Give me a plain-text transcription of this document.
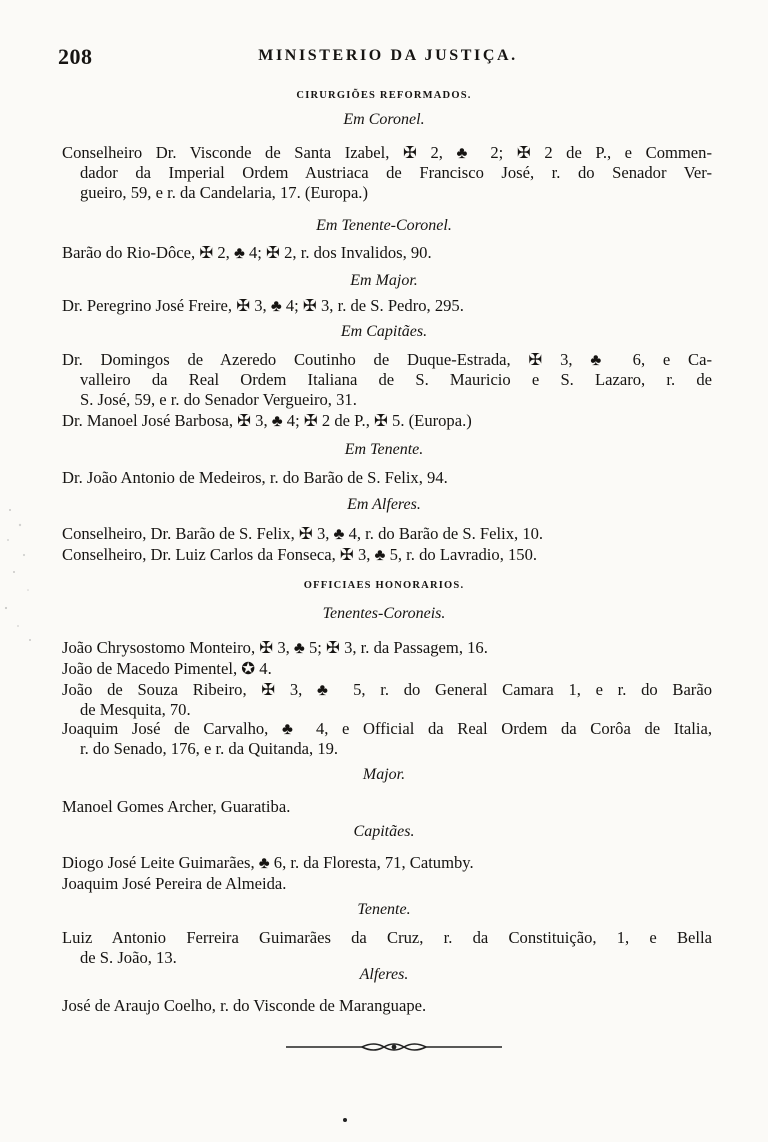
208	MINISTERIO DA JUSTIÇA.
CIRURGIÕES REFORMADOS.
Em Coronel.
Conselheiro Dr. Visconde de Santa Izabel, ✠ 2, ♣ 2; ✠ 2 de P., e Commen-
dador da Imperial Ordem Austriaca de Francisco José, r. do Senador Ver-
gueiro, 59, e r. da Candelaria, 17. (Europa.)
Em Tenente-Coronel.
Barão do Rio-Dôce, ✠ 2, ♣ 4; ✠ 2, r. dos Invalidos, 90.
Em Major.
Dr. Peregrino José Freire, ✠ 3, ♣ 4; ✠ 3, r. de S. Pedro, 295.
Em Capitães.
Dr. Domingos de Azeredo Coutinho de Duque-Estrada, ✠ 3, ♣ 6, e Ca-
valleiro da Real Ordem Italiana de S. Mauricio e S. Lazaro, r. de
S. José, 59, e r. do Senador Vergueiro, 31.
Dr. Manoel José Barbosa, ✠ 3, ♣ 4; ✠ 2 de P., ✠ 5. (Europa.)
Em Tenente.
Dr. João Antonio de Medeiros, r. do Barão de S. Felix, 94.
Em Alferes.
Conselheiro, Dr. Barão de S. Felix, ✠ 3, ♣ 4, r. do Barão de S. Felix, 10.
Conselheiro, Dr. Luiz Carlos da Fonseca, ✠ 3, ♣ 5, r. do Lavradio, 150.
OFFICIAES HONORARIOS.
Tenentes-Coroneis.
João Chrysostomo Monteiro, ✠ 3, ♣ 5; ✠ 3, r. da Passagem, 16.
João de Macedo Pimentel, ✪ 4.
João de Souza Ribeiro, ✠ 3, ♣ 5, r. do General Camara 1, e r. do Barão
de Mesquita, 70.
Joaquim José de Carvalho, ♣ 4, e Official da Real Ordem da Corôa de Italia,
r. do Senado, 176, e r. da Quitanda, 19.
Major.
Manoel Gomes Archer, Guaratiba.
Capitães.
Diogo José Leite Guimarães, ♣ 6, r. da Floresta, 71, Catumby.
Joaquim José Pereira de Almeida.
Tenente.
Luiz Antonio Ferreira Guimarães da Cruz, r. da Constituição, 1, e Bella
de S. João, 13.
Alferes.
José de Araujo Coelho, r. do Visconde de Maranguape.
